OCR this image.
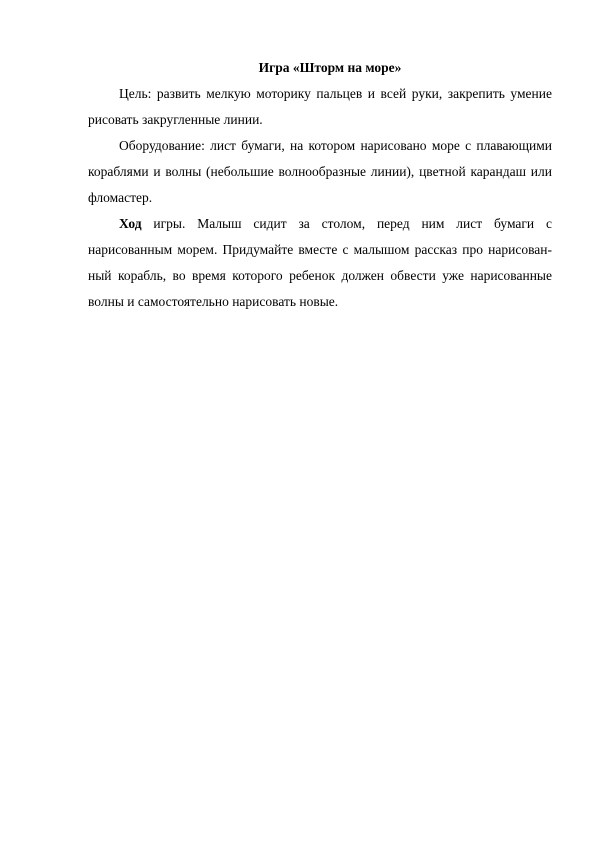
Игра «Шторм на море»

Цель: развить мелкую моторику пальцев и всей руки, закрепить умение
рисовать закругленные линии.

Оборудование: лист бумаги, на котором нарисовано море с плавающими
кораблями и волны (небольшие волнообразные линии), цветной карандаш или
фломастер.

Ход игры. Малыш сидит за столом, перед ним лист бумаги с
нарисованным морем. Придумайте вместе с малышом рассказ про нарисован-
ный корабль, во время которого ребенок должен обвести уже нарисованные
волны и самостоятельно нарисовать новые.
